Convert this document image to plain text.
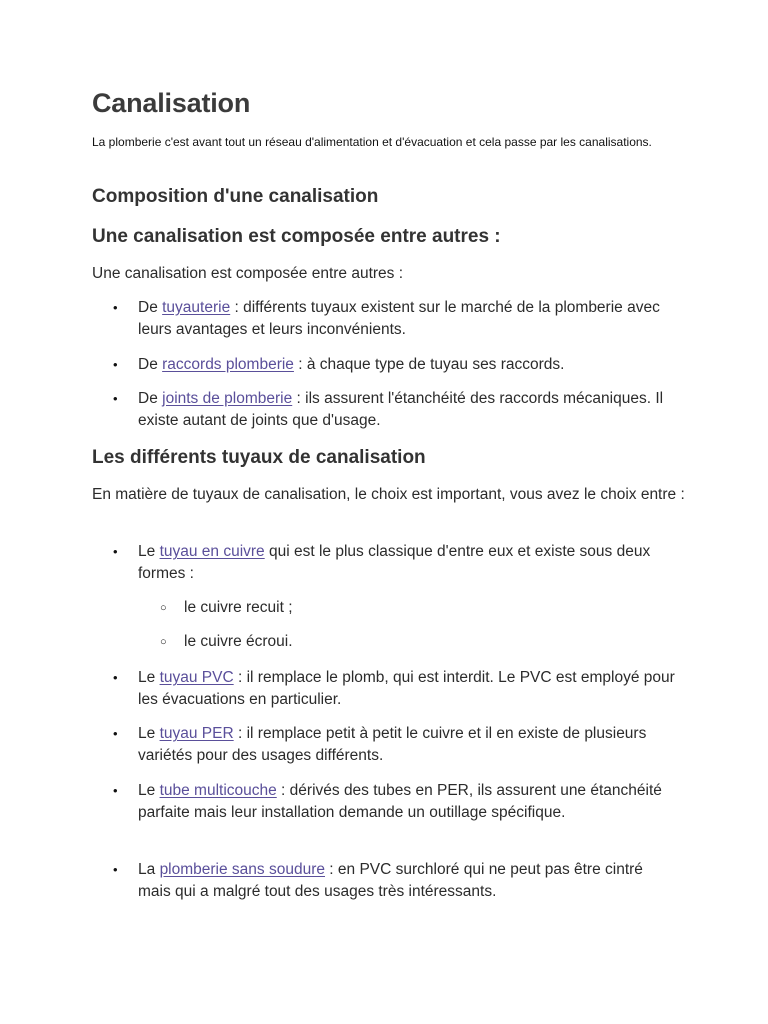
Canalisation

La plomberie c'est avant tout un réseau d'alimentation et d'évacuation et cela passe par les canalisations.

Composition d'une canalisation
Une canalisation est composée entre autres :

Une canalisation est composée entre autres :

• De tuyauterie : différents tuyaux existent sur le marché de la plomberie avec leurs avantages et leurs inconvénients.
• De raccords plomberie : à chaque type de tuyau ses raccords.
• De joints de plomberie : ils assurent l'étanchéité des raccords mécaniques. Il existe autant de joints que d'usage.
Les différents tuyaux de canalisation

En matière de tuyaux de canalisation, le choix est important, vous avez le choix entre :

• Le tuyau en cuivre qui est le plus classique d'entre eux et existe sous deux formes :
• Le tuyau PVC : il remplace le plomb, qui est interdit. Le PVC est employé pour les évacuations en particulier.
• Le tuyau PER : il remplace petit à petit le cuivre et il en existe de plusieurs variétés pour des usages différents.
• Le tube multicouche : dérivés des tubes en PER, ils assurent une étanchéité parfaite mais leur installation demande un outillage spécifique.
• La plomberie sans soudure : en PVC surchloré qui ne peut pas être cintré mais qui a malgré tout des usages très intéressants.
○ le cuivre recuit ;
○ le cuivre écroui.
